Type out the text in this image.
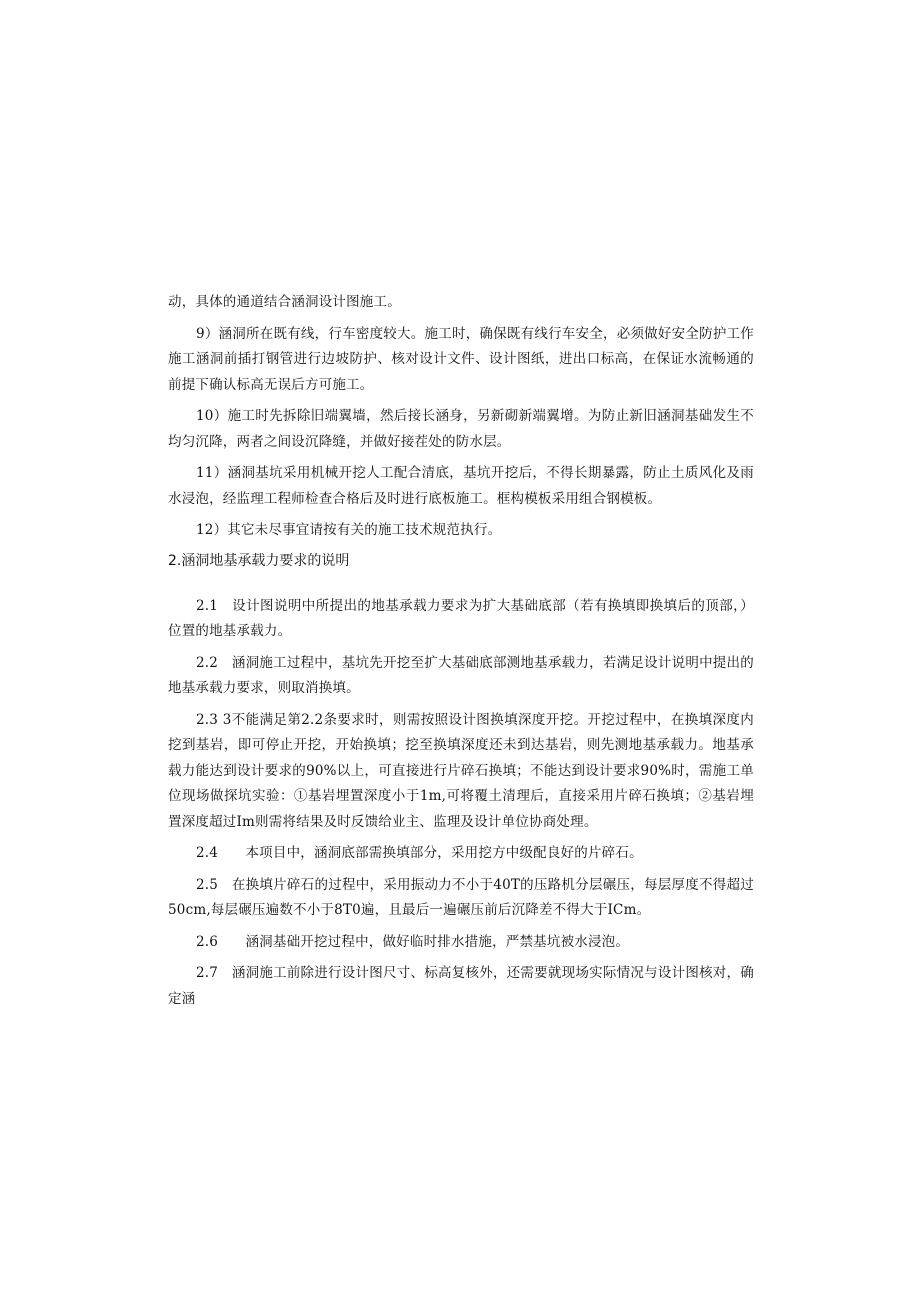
动，具体的通道结合涵洞设计图施工。

9）涵洞所在既有线，行车密度较大。施工时，确保既有线行车安全，必须做好安全防护工作施工涵洞前插打钢管进行边坡防护、核对设计文件、设计图纸，进出口标高，在保证水流畅通的前提下确认标高无误后方可施工。

10）施工时先拆除旧端翼墙，然后接长涵身，另新砌新端翼增。为防止新旧涵洞基础发生不均匀沉降，两者之间设沉降缝，并做好接茬处的防水层。

11）涵洞基坑采用机械开挖人工配合清底，基坑开挖后，不得长期暴露，防止土质风化及雨水浸泡，经监理工程师检查合格后及时进行底板施工。框构模板采用组合钢模板。

12）其它未尽事宜请按有关的施工技术规范执行。

2.涵洞地基承载力要求的说明

2.1　设计图说明中所提出的地基承载力要求为扩大基础底部（若有换填即换填后的顶部，）位置的地基承载力。

2.2　涵洞施工过程中，基坑先开挖至扩大基础底部测地基承载力，若满足设计说明中提出的地基承载力要求，则取消换填。

2.3 3不能满足第2.2条要求时，则需按照设计图换填深度开挖。开挖过程中，在换填深度内挖到基岩，即可停止开挖，开始换填；挖至换填深度还未到达基岩，则先测地基承载力。地基承载力能达到设计要求的90%以上，可直接进行片碎石换填；不能达到设计要求90%时，需施工单位现场做探坑实验：①基岩埋置深度小于1m,可将覆土清理后，直接采用片碎石换填；②基岩埋置深度超过Im则需将结果及时反馈给业主、监理及设计单位协商处理。

2.4　　本项目中，涵洞底部需换填部分，采用挖方中级配良好的片碎石。

2.5　在换填片碎石的过程中，采用振动力不小于40T的压路机分层碾压，每层厚度不得超过50cm,每层碾压遍数不小于8T0遍，且最后一遍碾压前后沉降差不得大于ICm。

2.6　　涵洞基础开挖过程中，做好临时排水措施，严禁基坑被水浸泡。

2.7　涵洞施工前除进行设计图尺寸、标高复核外，还需要就现场实际情况与设计图核对，确定涵
